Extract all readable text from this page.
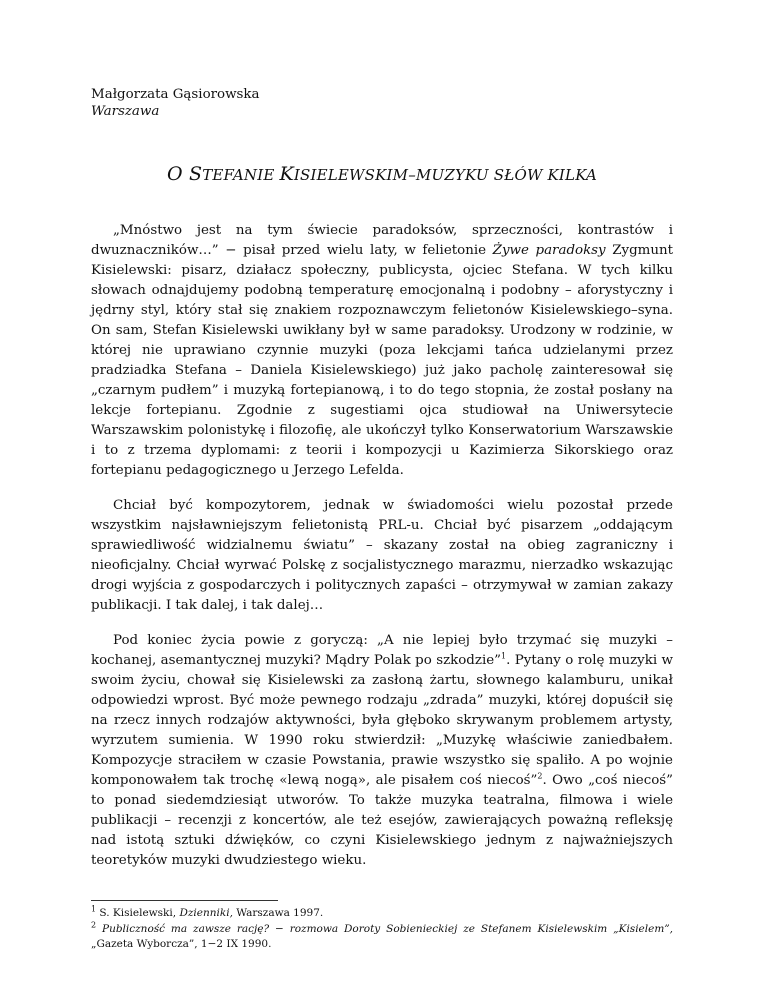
Małgorzata Gąsiorowska
Warszawa
O STEFANIE KISIELEWSKIM–MUZYKU SŁÓW KILKA

„Mnóstwo jest na tym świecie paradoksów, sprzeczności, kontrastów i dwuznaczników…” − pisał przed wielu laty, w felietonie Żywe paradoksy Zygmunt Kisielewski: pisarz, działacz społeczny, publicysta, ojciec Stefana. W tych kilku słowach odnajdujemy podobną temperaturę emocjonalną i podobny – aforystyczny i jędrny styl, który stał się znakiem rozpoznawczym felietonów Kisielewskiego–syna. On sam, Stefan Kisielewski uwikłany był w same paradoksy. Urodzony w rodzinie, w której nie uprawiano czynnie muzyki (poza lekcjami tańca udzielanymi przez pradziadka Stefana – Daniela Kisielewskiego) już jako pacholę zainteresował się „czarnym pudłem” i muzyką fortepianową, i to do tego stopnia, że został posłany na lekcje fortepianu. Zgodnie z sugestiami ojca studiował na Uniwersytecie Warszawskim polonistykę i filozofię, ale ukończył tylko Konserwatorium Warszawskie i to z trzema dyplomami: z teorii i kompozycji u Kazimierza Sikorskiego oraz fortepianu pedagogicznego u Jerzego Lefelda.

Chciał być kompozytorem, jednak w świadomości wielu pozostał przede wszystkim najsławniejszym felietonistą PRL-u. Chciał być pisarzem „oddającym sprawiedliwość widzialnemu światu” – skazany został na obieg zagraniczny i nieoficjalny. Chciał wyrwać Polskę z socjalistycznego marazmu, nierzadko wskazując drogi wyjścia z gospodarczych i politycznych zapaści – otrzymywał w zamian zakazy publikacji. I tak dalej, i tak dalej…

Pod koniec życia powie z goryczą: „A nie lepiej było trzymać się muzyki – kochanej, asemantycznej muzyki? Mądry Polak po szkodzie”$^1$. Pytany o rolę muzyki w swoim życiu, chował się Kisielewski za zasłoną żartu, słownego kalamburu, unikał odpowiedzi wprost. Być może pewnego rodzaju „zdrada” muzyki, której dopuścił się na rzecz innych rodzajów aktywności, była głęboko skrywanym problemem artysty, wyrzutem sumienia. W 1990 roku stwierdził: „Muzykę właściwie zaniedbałem. Kompozycje straciłem w czasie Powstania, prawie wszystko się spaliło. A po wojnie komponowałem tak trochę «lewą nogą», ale pisałem coś niecoś”$^2$. Owo „coś niecoś” to ponad siedemdziesiąt utworów. To także muzyka teatralna, filmowa i wiele publikacji – recenzji z koncertów, ale też esejów, zawierających poważną refleksję nad istotą sztuki dźwięków, co czyni Kisielewskiego jednym z najważniejszych teoretyków muzyki dwudziestego wieku.

$^1$ S. Kisielewski, Dzienniki, Warszawa 1997.
$^2$ Publiczność ma zawsze rację? − rozmowa Doroty Sobienieckiej ze Stefanem Kisielewskim „Kisielem”, „Gazeta Wyborcza”, 1−2 IX 1990.
